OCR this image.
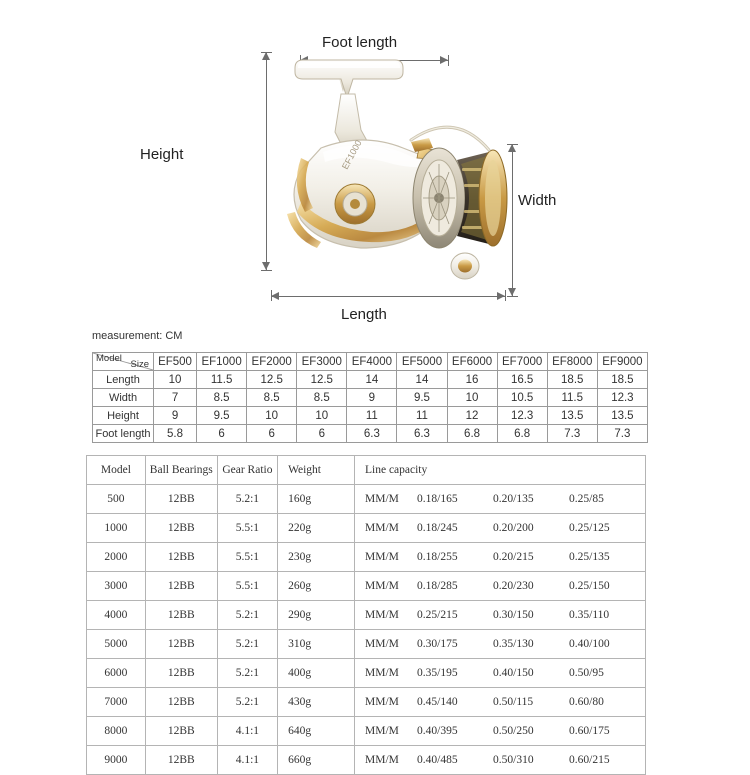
Foot length
Height
Width
Length
EF1000
measurement: CM
Model
Size	EF500	EF1000	EF2000	EF3000	EF4000	EF5000	EF6000	EF7000	EF8000	EF9000
Length	10	11.5	12.5	12.5	14	14	16	16.5	18.5	18.5
Width	7	8.5	8.5	8.5	9	9.5	10	10.5	11.5	12.3
Height	9	9.5	10	10	11	11	12	12.3	13.5	13.5
Foot length	5.8	6	6	6	6.3	6.3	6.8	6.8	7.3	7.3
Model	Ball Bearings	Gear Ratio	Weight	Line capacity
500	12BB	5.2:1	160g	MM/M 0.18/165 0.20/135 0.25/85

1000	12BB	5.5:1	220g	MM/M 0.18/245 0.20/200 0.25/125

2000	12BB	5.5:1	230g	MM/M 0.18/255 0.20/215 0.25/135

3000	12BB	5.5:1	260g	MM/M 0.18/285 0.20/230 0.25/150

4000	12BB	5.2:1	290g	MM/M 0.25/215 0.30/150 0.35/110

5000	12BB	5.2:1	310g	MM/M 0.30/175 0.35/130 0.40/100

6000	12BB	5.2:1	400g	MM/M 0.35/195 0.40/150 0.50/95

7000	12BB	5.2:1	430g	MM/M 0.45/140 0.50/115 0.60/80

8000	12BB	4.1:1	640g	MM/M 0.40/395 0.50/250 0.60/175

9000	12BB	4.1:1	660g	MM/M 0.40/485 0.50/310 0.60/215
